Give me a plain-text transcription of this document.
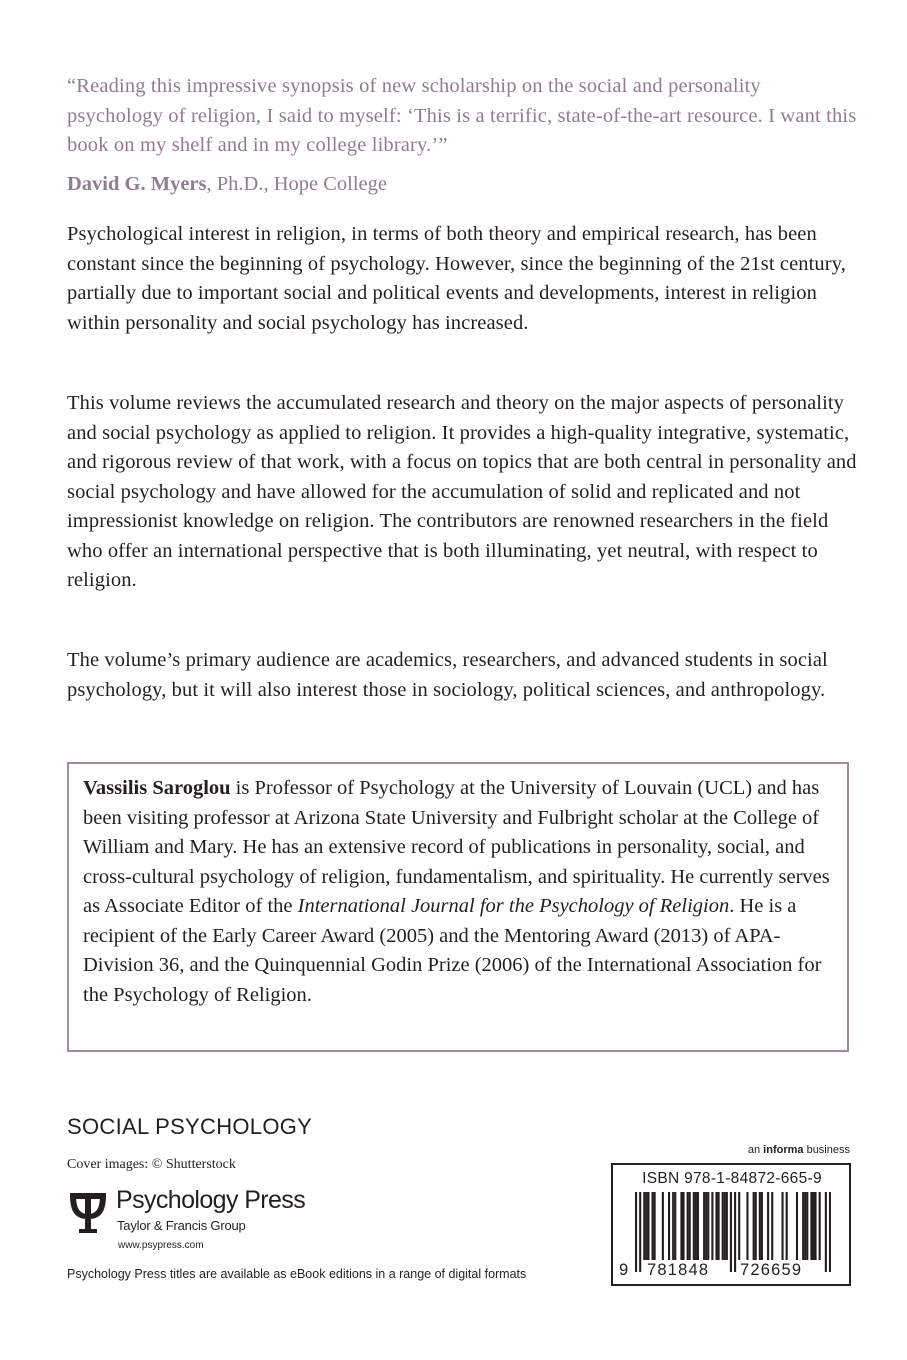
“Reading this impressive synopsis of new scholarship on the social and personality psychology of religion, I said to myself: ‘This is a terrific, state-of-the-art resource. I want this book on my shelf and in my college library.’”
David G. Myers, Ph.D., Hope College

Psychological interest in religion, in terms of both theory and empirical research, has been constant since the beginning of psychology. However, since the beginning of the 21st century, partially due to important social and political events and developments, interest in religion within personality and social psychology has increased.

This volume reviews the accumulated research and theory on the major aspects of personality and social psychology as applied to religion. It provides a high-quality integrative, systematic, and rigorous review of that work, with a focus on topics that are both central in personality and social psychology and have allowed for the accumulation of solid and replicated and not impressionist knowledge on religion. The contributors are renowned researchers in the field who offer an international perspective that is both illuminating, yet neutral, with respect to religion.

The volume’s primary audience are academics, researchers, and advanced students in social psychology, but it will also interest those in sociology, political sciences, and anthropology.

Vassilis Saroglou is Professor of Psychology at the University of Louvain (UCL) and has been visiting professor at Arizona State University and Fulbright scholar at the College of William and Mary. He has an extensive record of publications in personality, social, and cross-cultural psychology of religion, fundamentalism, and spirituality. He currently serves as Associate Editor of the International Journal for the Psychology of Religion. He is a recipient of the Early Career Award (2005) and the Mentoring Award (2013) of APA-Division 36, and the Quinquennial Godin Prize (2006) of the International Association for the Psychology of Religion.

SOCIAL PSYCHOLOGY
Cover images: © Shutterstock
Psychology Press
Taylor & Francis Group
www.psypress.com
Psychology Press titles are available as eBook editions in a range of digital formats
an informa business
ISBN 978-1-84872-665-9
9 781848 726659
